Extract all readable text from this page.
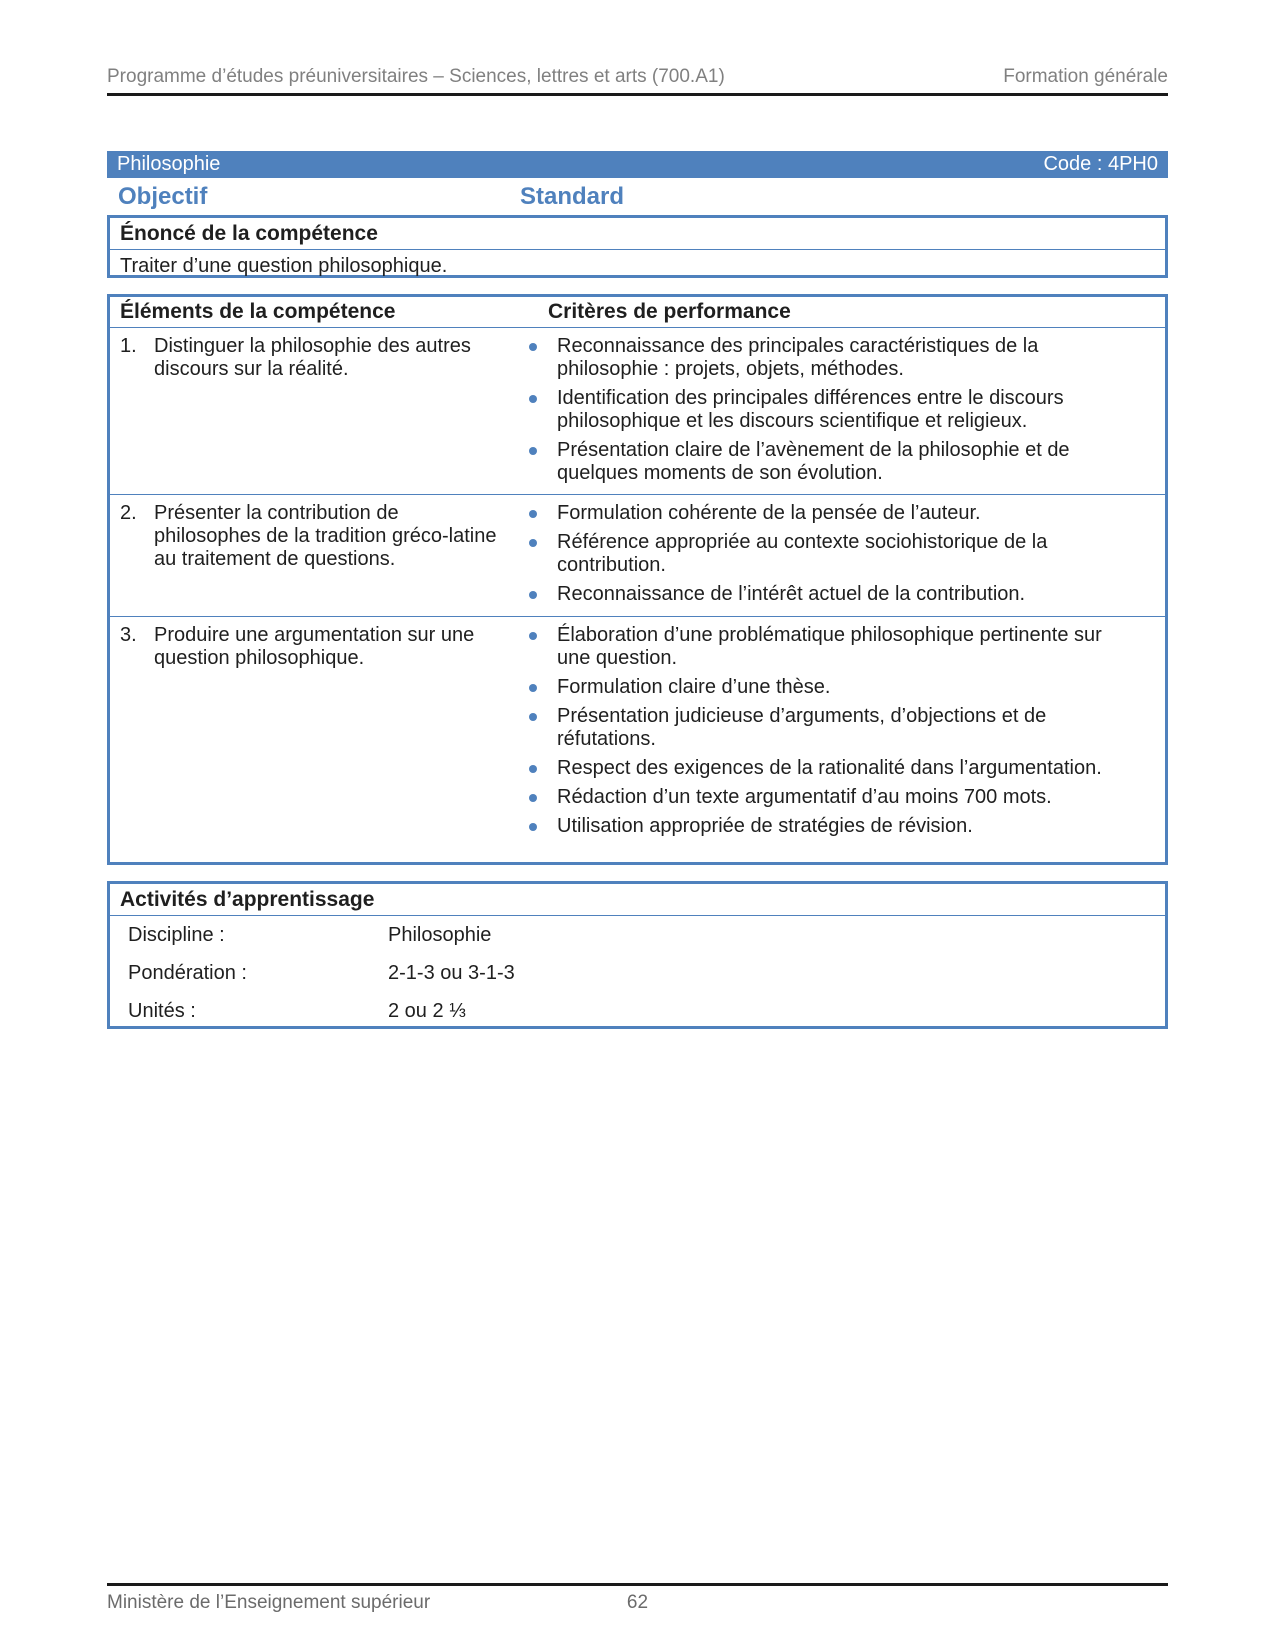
Programme d’études préuniversitaires – Sciences, lettres et arts (700.A1)	Formation générale
Philosophie	Code : 4PH0
Objectif	Standard
Énoncé de la compétence
Traiter d’une question philosophique.
Éléments de la compétence	Critères de performance
1. Distinguer la philosophie des autres discours sur la réalité.
Reconnaissance des principales caractéristiques de la philosophie : projets, objets, méthodes.
Identification des principales différences entre le discours philosophique et les discours scientifique et religieux.
Présentation claire de l’avènement de la philosophie et de quelques moments de son évolution.
2. Présenter la contribution de philosophes de la tradition gréco-latine au traitement de questions.
Formulation cohérente de la pensée de l’auteur.
Référence appropriée au contexte sociohistorique de la contribution.
Reconnaissance de l’intérêt actuel de la contribution.
3. Produire une argumentation sur une question philosophique.
Élaboration d’une problématique philosophique pertinente sur une question.
Formulation claire d’une thèse.
Présentation judicieuse d’arguments, d’objections et de réfutations.
Respect des exigences de la rationalité dans l’argumentation.
Rédaction d’un texte argumentatif d’au moins 700 mots.
Utilisation appropriée de stratégies de révision.
Activités d’apprentissage
Discipline :	Philosophie
Pondération :	2-1-3 ou 3-1-3
Unités :	2 ou 2 ⅓
Ministère de l’Enseignement supérieur	62
